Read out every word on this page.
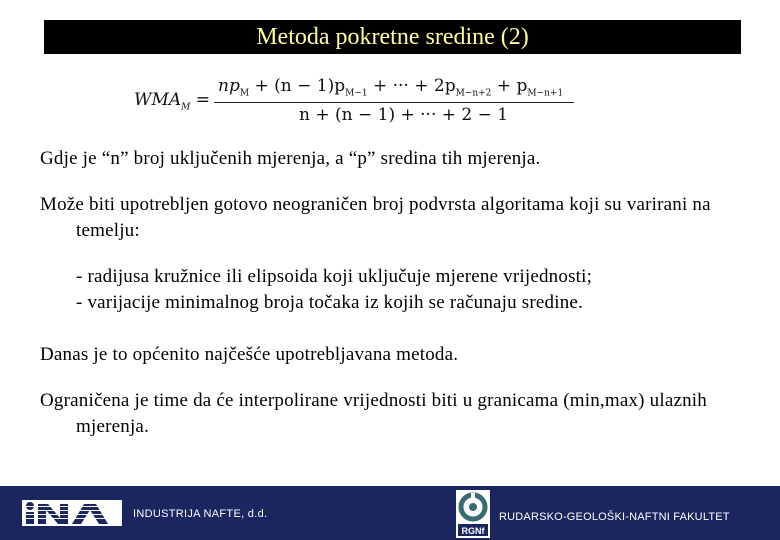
Metoda pokretne sredine (2)
$WMA_M$ =
$np_M + (n - 1)p_{M-1}$ + ··· + $2p_{M-n+2} + p_{M-n+1}$
n + (n − 1) + ··· + 2 − 1

Gdje je “n” broj uključenih mjerenja, a “p” sredina tih mjerenja.

Može biti upotrebljen gotovo neograničen broj podvrsta algoritama koji su varirani na temelju:

- radijusa kružnice ili elipsoida koji uključuje mjerene vrijednosti;

- varijacije minimalnog broja točaka iz kojih se računaju sredine.

Danas je to općenito najčešće upotrebljavana metoda.

Ograničena je time da će interpolirane vrijednosti biti u granicama (min,max) ulaznih mjerenja.

INDUSTRIJA NAFTE, d.d.
RGNf
RUDARSKO-GEOLOŠKI-NAFTNI FAKULTET
